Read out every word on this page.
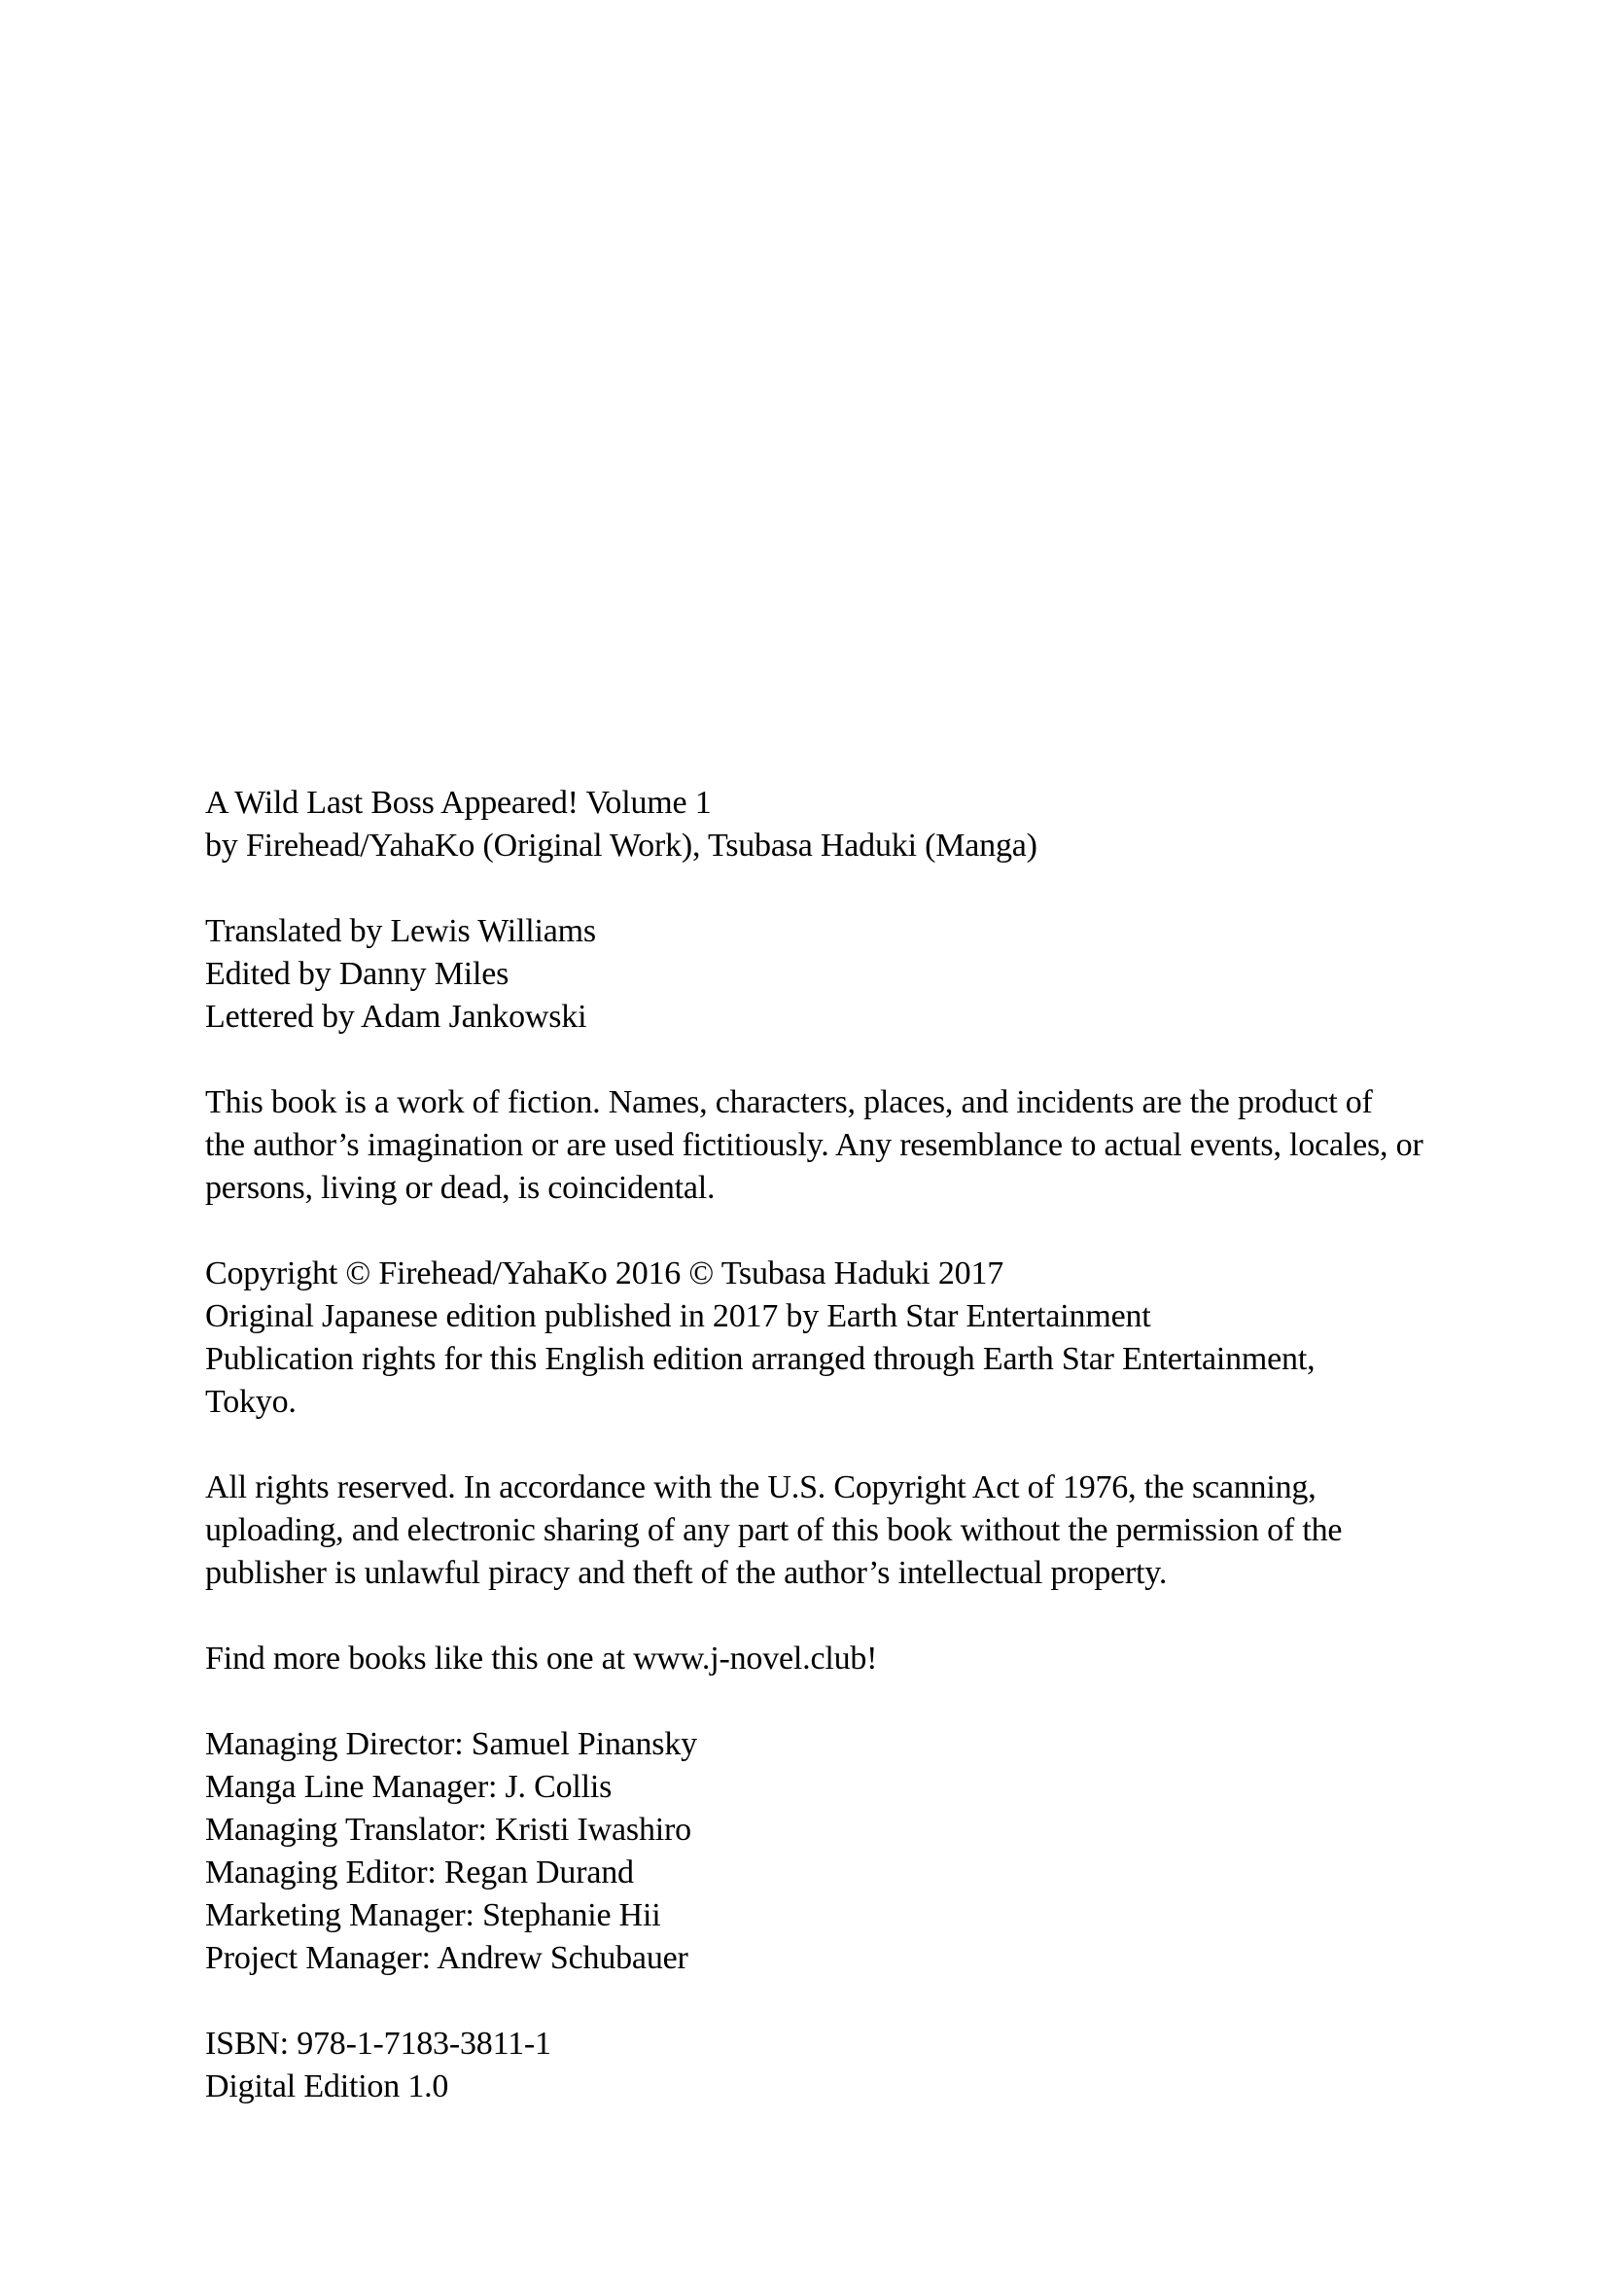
A Wild Last Boss Appeared! Volume 1
by Firehead/YahaKo (Original Work), Tsubasa Haduki (Manga)
Translated by Lewis Williams
Edited by Danny Miles
Lettered by Adam Jankowski
This book is a work of fiction. Names, characters, places, and incidents are the product of
the author’s imagination or are used fictitiously. Any resemblance to actual events, locales, or
persons, living or dead, is coincidental.
Copyright © Firehead/YahaKo 2016 © Tsubasa Haduki 2017
Original Japanese edition published in 2017 by Earth Star Entertainment
Publication rights for this English edition arranged through Earth Star Entertainment,
Tokyo.
All rights reserved. In accordance with the U.S. Copyright Act of 1976, the scanning,
uploading, and electronic sharing of any part of this book without the permission of the
publisher is unlawful piracy and theft of the author’s intellectual property.
Find more books like this one at www.j-novel.club!
Managing Director: Samuel Pinansky
Manga Line Manager: J. Collis
Managing Translator: Kristi Iwashiro
Managing Editor: Regan Durand
Marketing Manager: Stephanie Hii
Project Manager: Andrew Schubauer
ISBN: 978-1-7183-3811-1
Digital Edition 1.0
